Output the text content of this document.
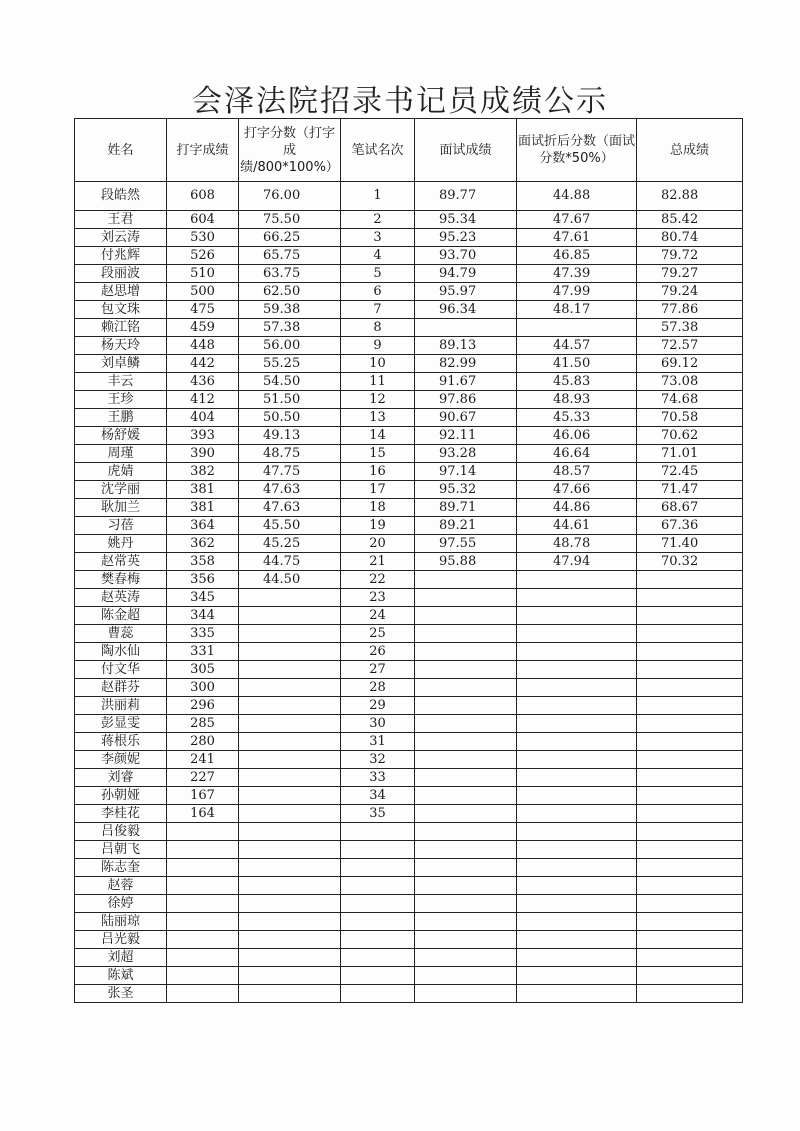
会泽法院招录书记员成绩公示
姓名	打字成绩	打字分数（打字成绩/800*100%）	笔试名次	面试成绩	面试折后分数（面试分数*50%）	总成绩
段皓然	608	76.00	1	89.77	44.88	82.88
王君	604	75.50	2	95.34	47.67	85.42
刘云涛	530	66.25	3	95.23	47.61	80.74
付兆辉	526	65.75	4	93.70	46.85	79.72
段丽波	510	63.75	5	94.79	47.39	79.27
赵思增	500	62.50	6	95.97	47.99	79.24
包文珠	475	59.38	7	96.34	48.17	77.86
赖江铭	459	57.38	8			57.38
杨天玲	448	56.00	9	89.13	44.57	72.57
刘卓鳞	442	55.25	10	82.99	41.50	69.12
丰云	436	54.50	11	91.67	45.83	73.08
王珍	412	51.50	12	97.86	48.93	74.68
王鹏	404	50.50	13	90.67	45.33	70.58
杨舒媛	393	49.13	14	92.11	46.06	70.62
周瑾	390	48.75	15	93.28	46.64	71.01
虎婧	382	47.75	16	97.14	48.57	72.45
沈学丽	381	47.63	17	95.32	47.66	71.47
耿加兰	381	47.63	18	89.71	44.86	68.67
习蓓	364	45.50	19	89.21	44.61	67.36
姚丹	362	45.25	20	97.55	48.78	71.40
赵常英	358	44.75	21	95.88	47.94	70.32
樊春梅	356	44.50	22			
赵英涛	345		23			
陈金超	344		24			
曹蕊	335		25			
陶水仙	331		26			
付文华	305		27			
赵群芬	300		28			
洪丽莉	296		29			
彭显雯	285		30			
蒋根乐	280		31			
李颜妮	241		32			
刘睿	227		33			
孙朝娅	167		34			
李桂花	164		35			
吕俊毅						
吕朝飞						
陈志奎						
赵蓉						
徐婷						
陆丽琼						
吕光毅						
刘超						
陈斌						
张圣						
